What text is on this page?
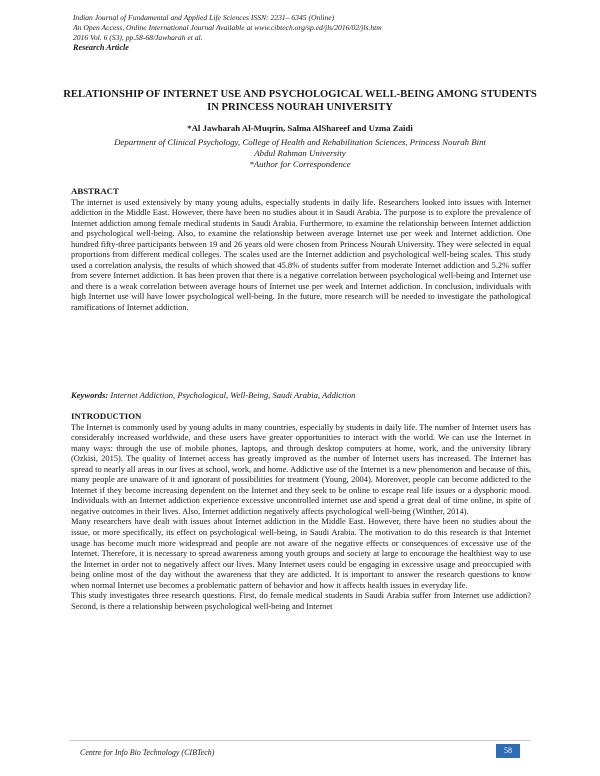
Indian Journal of Fundamental and Applied Life Sciences ISSN: 2231– 6345 (Online)
An Open Access, Online International Journal Available at www.cibtech.org/sp.ed/jls/2016/02/jls.htm
2016 Vol. 6 (S3), pp.58-68/Jawharah et al.
Research Article
RELATIONSHIP OF INTERNET USE AND PSYCHOLOGICAL WELL-BEING AMONG STUDENTS IN PRINCESS NOURAH UNIVERSITY
*Al Jawharah Al-Muqrin, Salma AlShareef and Uzma Zaidi
Department of Clinical Psychology, College of Health and Rehabilitation Sciences, Princess Nourah Bint
Abdul Rahman University
*Author for Correspondence
ABSTRACT

The internet is used extensively by many young adults, especially students in daily life. Researchers looked into issues with Internet addiction in the Middle East. However, there have been no studies about it in Saudi Arabia. The purpose is to explore the prevalence of Internet addiction among female medical students in Saudi Arabia. Furthermore, to examine the relationship between Internet addiction and psychological well-being. Also, to examine the relationship between average Internet use per week and Internet addiction. One hundred fifty-three participants between 19 and 26 years old were chosen from Princess Nourah University. They were selected in equal proportions from different medical colleges. The scales used are the Internet addiction and psychological well-being scales. This study used a correlation analysis, the results of which showed that 45.8% of students suffer from moderate Internet addiction and 5.2% suffer from severe Internet addiction. It has been proven that there is a negative correlation between psychological well-being and Internet use and there is a weak correlation between average hours of Internet use per week and Internet addiction. In conclusion, individuals with high Internet use will have lower psychological well-being. In the future, more research will be needed to investigate the pathological ramifications of Internet addiction.

Keywords: Internet Addiction, Psychological, Well-Being, Saudi Arabia, Addiction
INTRODUCTION

The Internet is commonly used by young adults in many countries, especially by students in daily life. The number of Internet users has considerably increased worldwide, and these users have greater opportunities to interact with the world. We can use the Internet in many ways: through the use of mobile phones, laptops, and through desktop computers at home, work, and the university library (Ozkisi, 2015). The quality of Internet access has greatly improved as the number of Internet users has increased. The Internet has spread to nearly all areas in our lives at school, work, and home. Addictive use of the Internet is a new phenomenon and because of this, many people are unaware of it and ignorant of possibilities for treatment (Young, 2004). Moreover, people can become addicted to the Internet if they become increasing dependent on the Internet and they seek to be online to escape real life issues or a dysphoric mood. Individuals with an Internet addiction experience excessive uncontrolled internet use and spend a great deal of time online, in spite of negative outcomes in their lives. Also, Internet addiction negatively affects psychological well-being (Winther, 2014).

Many researchers have dealt with issues about Internet addiction in the Middle East. However, there have been no studies about the issue, or more specifically, its effect on psychological well-being, in Saudi Arabia. The motivation to do this research is that Internet usage has become much more widespread and people are not aware of the negative effects or consequences of excessive use of the Internet. Therefore, it is necessary to spread awareness among youth groups and society at large to encourage the healthiest way to use the Internet in order not to negatively affect our lives. Many Internet users could be engaging in excessive usage and preoccupied with being online most of the day without the awareness that they are addicted. It is important to answer the research questions to know when normal Internet use becomes a problematic pattern of behavior and how it affects health issues in everyday life.

This study investigates three research questions. First, do female medical students in Saudi Arabia suffer from Internet use addiction? Second, is there a relationship between psychological well-being and Internet

Centre for Info Bio Technology (CIBTech)	58
